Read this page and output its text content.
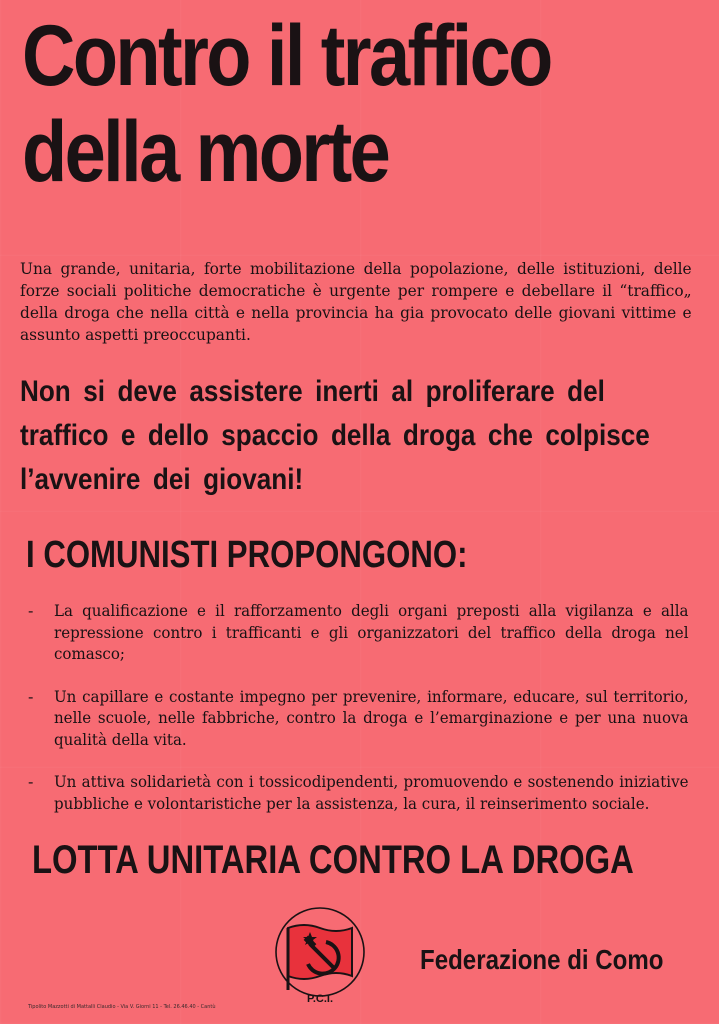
Contro il traffico
della morte
Una grande, unitaria, forte mobilitazione della popolazione, delle istituzioni, delle forze sociali politiche democratiche è urgente per rompere e debellare il “traffico„ della droga che nella città e nella provincia ha gia provocato delle giovani vittime e assunto aspetti preoccupanti.
Non si deve assistere inerti al proliferare del
traffico e dello spaccio della droga che colpisce
l’avvenire dei giovani!
I COMUNISTI PROPONGONO:
- La qualificazione e il rafforzamento degli organi preposti alla vigilanza e alla repressione contro i trafficanti e gli organizzatori del traffico della droga nel comasco;
- Un capillare e costante impegno per prevenire, informare, educare, sul territorio, nelle scuole, nelle fabbriche, contro la droga e l’emarginazione e per una nuova qualità della vita.
- Un attiva solidarietà con i tossicodipendenti, promuovendo e sostenendo iniziative pubbliche e volontaristiche per la assistenza, la cura, il reinserimento sociale.
LOTTA UNITARIA CONTRO LA DROGA
P.C.I.
Federazione di Como
Tipolito Mazzotti di Mattalli Claudio - Via V. Giorni 11 - Tel. 26.46.40 - Cantù
